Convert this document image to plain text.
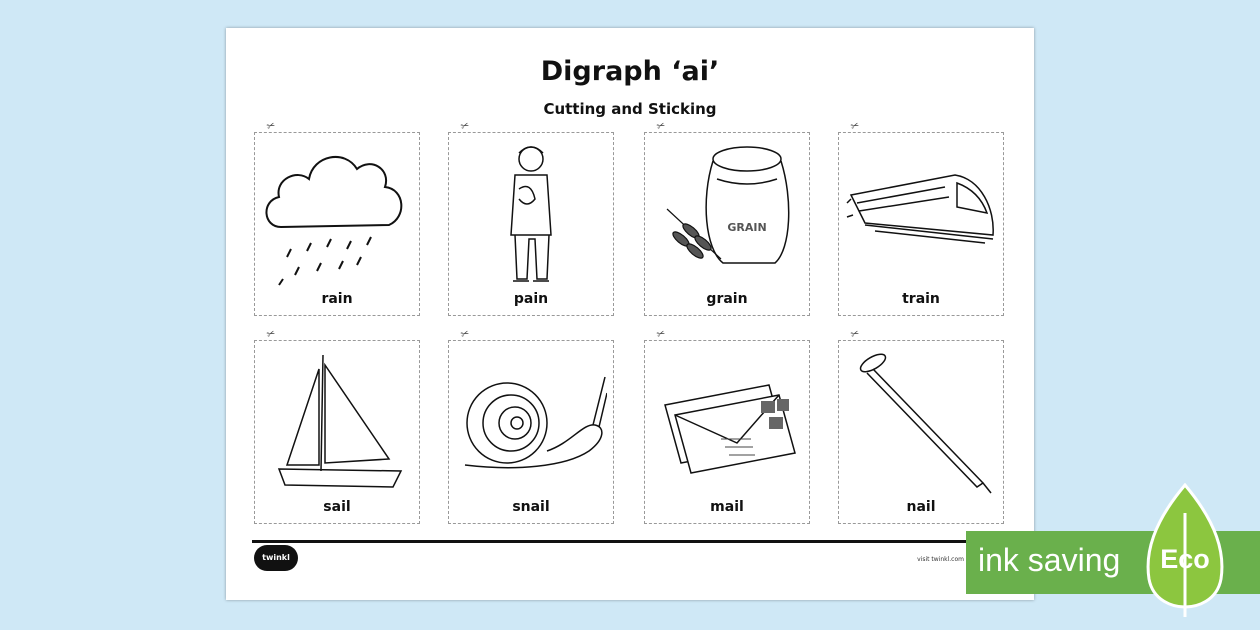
Digraph ‘ai’
Cutting and Sticking
✂
rain
✂
pain
✂
GRAIN
grain
✂
train
✂
sail
✂
snail
✂
mail
✂
nail
twinkl	visit twinkl.com ink saving Eco
